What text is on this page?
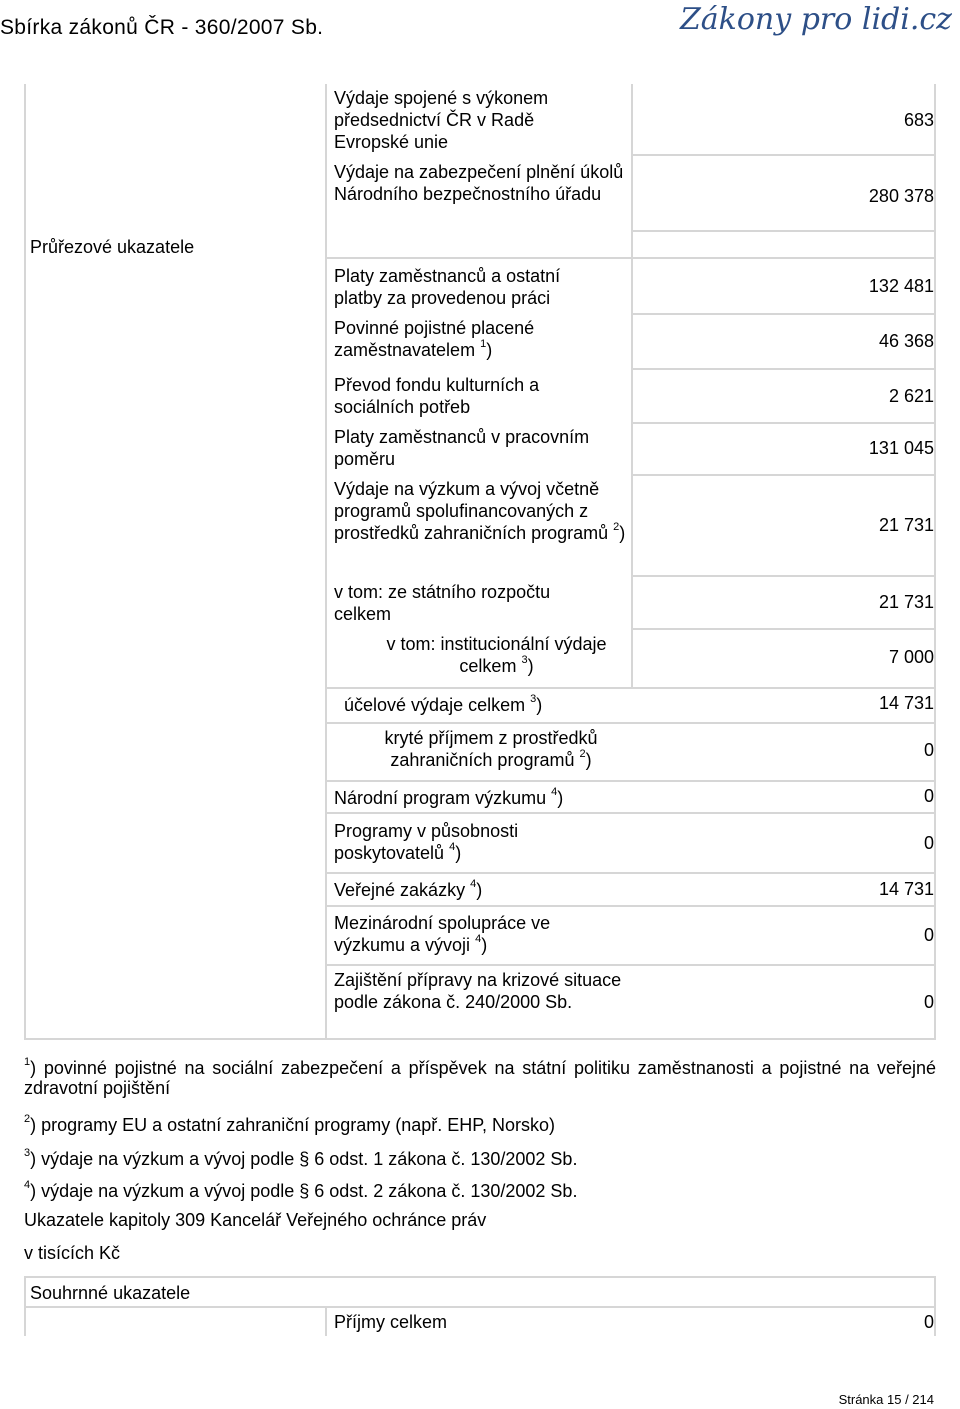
Sbírka zákonů ČR - 360/2007 Sb.	Zákony pro lidi.cz
Průřezové ukazatele
Výdaje spojené s výkonem předsednictví ČR v Radě Evropské unie
Výdaje na zabezpečení plnění úkolů Národního bezpečnostního úřadu
Platy zaměstnanců a ostatní platby za provedenou práci
Povinné pojistné placené zaměstnavatelem $^1$)
Převod fondu kulturních a sociálních potřeb
Platy zaměstnanců v pracovním poměru
Výdaje na výzkum a vývoj včetně programů spolufinancovaných z prostředků zahraničních programů $^2$)
v tom: ze státního rozpočtu celkem
v tom: institucionální výdaje celkem $^3$)
účelové výdaje celkem $^3$)
kryté příjmem z prostředků zahraničních programů $^2$)
Národní program výzkumu $^4$)
Programy v působnosti poskytovatelů $^4$)
Veřejné zakázky $^4$)
Mezinárodní spolupráce ve výzkumu a vývoji $^4$)
Zajištění přípravy na krizové situace podle zákona č. 240/2000 Sb.
683
280 378
132 481
46 368
2 621
131 045
21 731
21 731
7 000
14 731
0
0
0
14 731
0
0
$^1$) povinné pojistné na sociální zabezpečení a příspěvek na státní politiku zaměstnanosti a pojistné na veřejné zdravotní pojištění
$^2$) programy EU a ostatní zahraniční programy (např. EHP, Norsko)
$^3$) výdaje na výzkum a vývoj podle § 6 odst. 1 zákona č. 130/2002 Sb.
$^4$) výdaje na výzkum a vývoj podle § 6 odst. 2 zákona č. 130/2002 Sb.
Ukazatele kapitoly 309 Kancelář Veřejného ochránce práv
v tisících Kč
Souhrnné ukazatele
Příjmy celkem	0
Stránka 15 / 214
